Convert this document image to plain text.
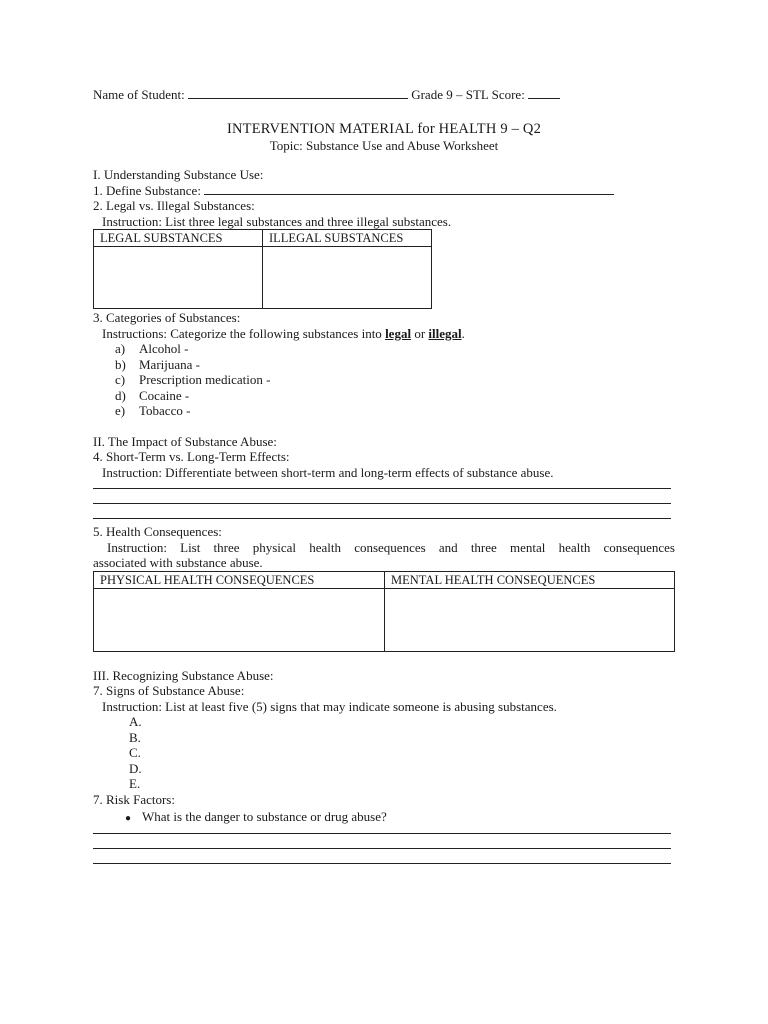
Name of Student:	Grade 9 – STL Score:
INTERVENTION MATERIAL for HEALTH 9 – Q2
Topic: Substance Use and Abuse Worksheet
I. Understanding Substance Use:
1. Define Substance:
2. Legal vs. Illegal Substances:
Instruction: List three legal substances and three illegal substances.
LEGAL SUBSTANCES	ILLEGAL SUBSTANCES

3. Categories of Substances:
Instructions: Categorize the following substances into legal or illegal.
a) Alcohol -
b) Marijuana -
c) Prescription medication -
d) Cocaine -
e) Tobacco -
II. The Impact of Substance Abuse:
4. Short-Term vs. Long-Term Effects:
Instruction: Differentiate between short-term and long-term effects of substance abuse.
5. Health Consequences:
Instruction: List three physical health consequences and three mental health consequences
associated with substance abuse.
PHYSICAL HEALTH CONSEQUENCES	MENTAL HEALTH CONSEQUENCES

III. Recognizing Substance Abuse:
7. Signs of Substance Abuse:
Instruction: List at least five (5) signs that may indicate someone is abusing substances.
A.
B.
C.
D.
E.
7. Risk Factors:
● What is the danger to substance or drug abuse?
